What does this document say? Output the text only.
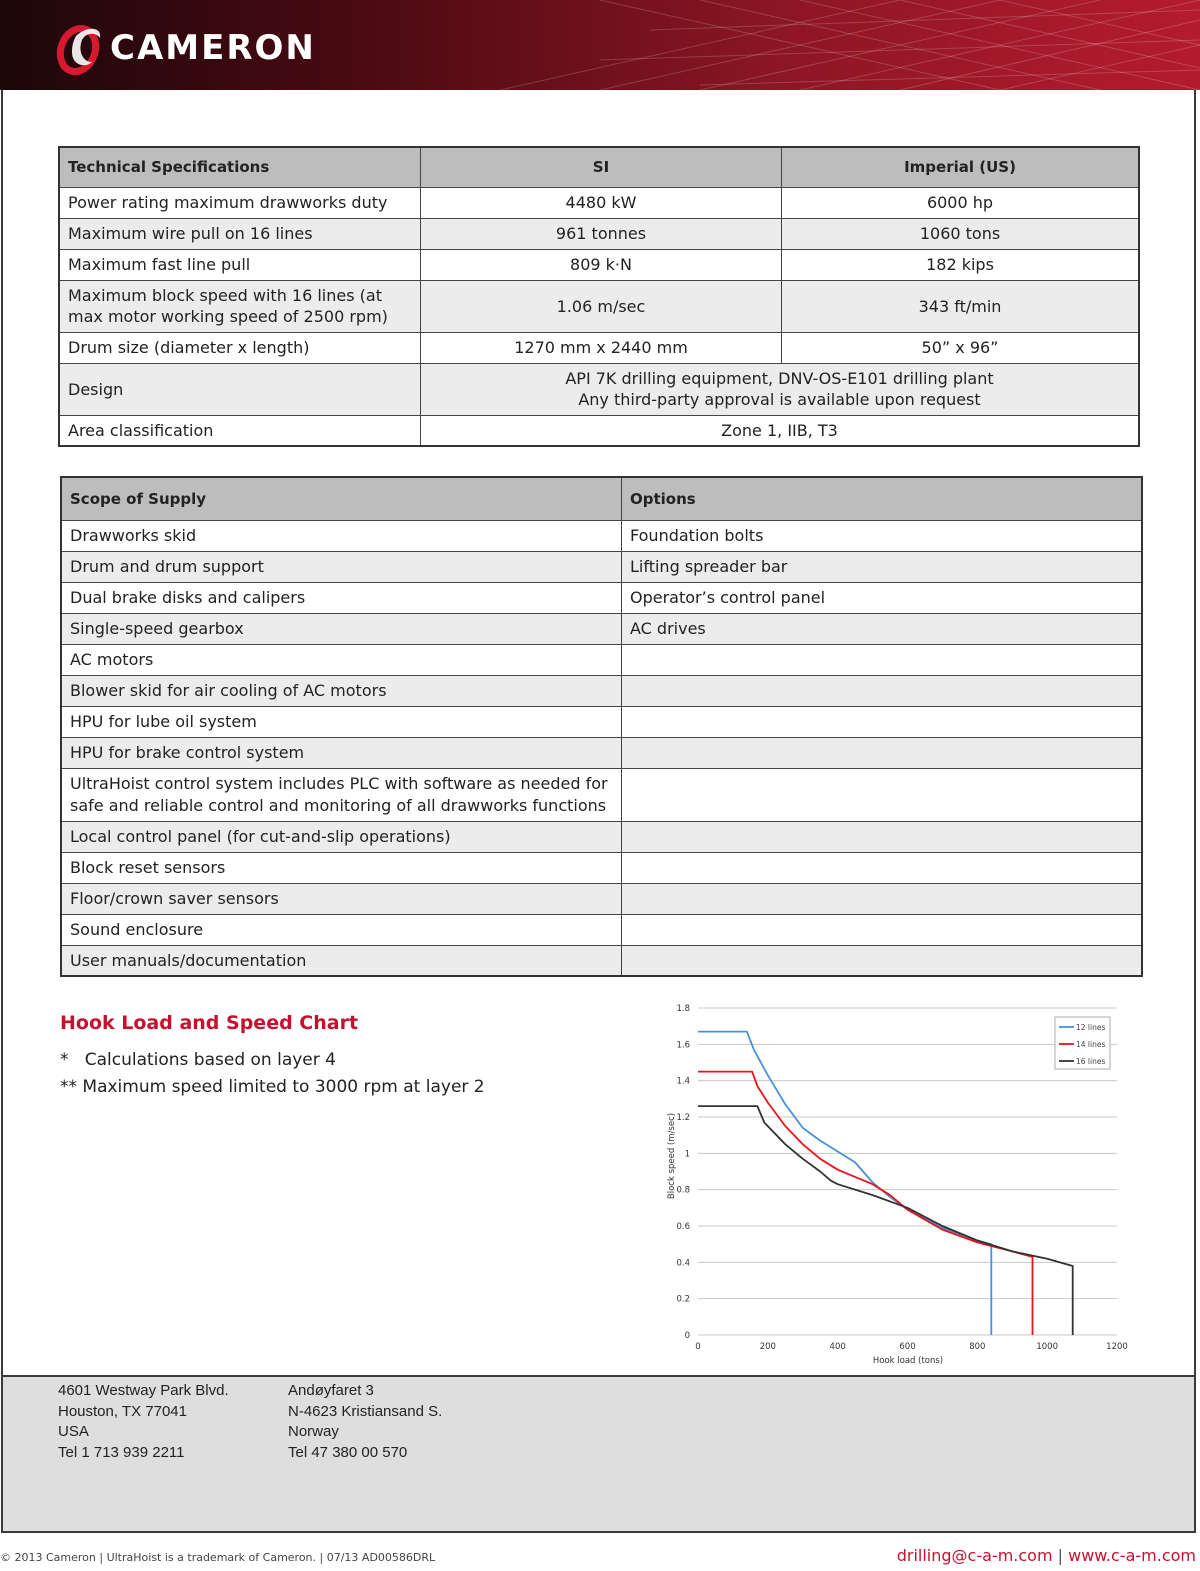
CAMERON
Technical Specifications	SI	Imperial (US)
Power rating maximum drawworks duty	4480 kW	6000 hp
Maximum wire pull on 16 lines	961 tonnes	1060 tons
Maximum fast line pull	809 k·N	182 kips
Maximum block speed with 16 lines (at max motor working speed of 2500 rpm)	1.06 m/sec	343 ft/min
Drum size (diameter x length)	1270 mm x 2440 mm	50” x 96”
Design	API 7K drilling equipment, DNV-OS-E101 drilling plant
Any third-party approval is available upon request	

Area classification	Zone 1, IIB, T3	
Scope of Supply	Options
Drawworks skid	Foundation bolts
Drum and drum support	Lifting spreader bar
Dual brake disks and calipers	Operator’s control panel
Single-speed gearbox	AC drives
AC motors	
Blower skid for air cooling of AC motors	
HPU for lube oil system	
HPU for brake control system	
UltraHoist control system includes PLC with software as needed for safe and reliable control and monitoring of all drawworks functions	
Local control panel (for cut-and-slip operations)	
Block reset sensors	
Floor/crown saver sensors	
Sound enclosure	
User manuals/documentation	
Hook Load and Speed Chart
*   Calculations based on layer 4
** Maximum speed limited to 3000 rpm at layer 2
0
0.2
0.4
0.6
0.8
1
1.2
1.4
1.6
1.8
0	200	400	600	800	1000	1200
Hook load (tons)
Block speed (m/sec)
12 lines
14 lines
16 lines
4601 Westway Park Blvd.
Houston, TX 77041
USA
Tel 1 713 939 2211
Andøyfaret 3
N-4623 Kristiansand S.
Norway
Tel 47 380 00 570
© 2013 Cameron | UltraHoist is a trademark of Cameron. | 07/13 AD00586DRL	drilling@c-a-m.com | www.c-a-m.com
